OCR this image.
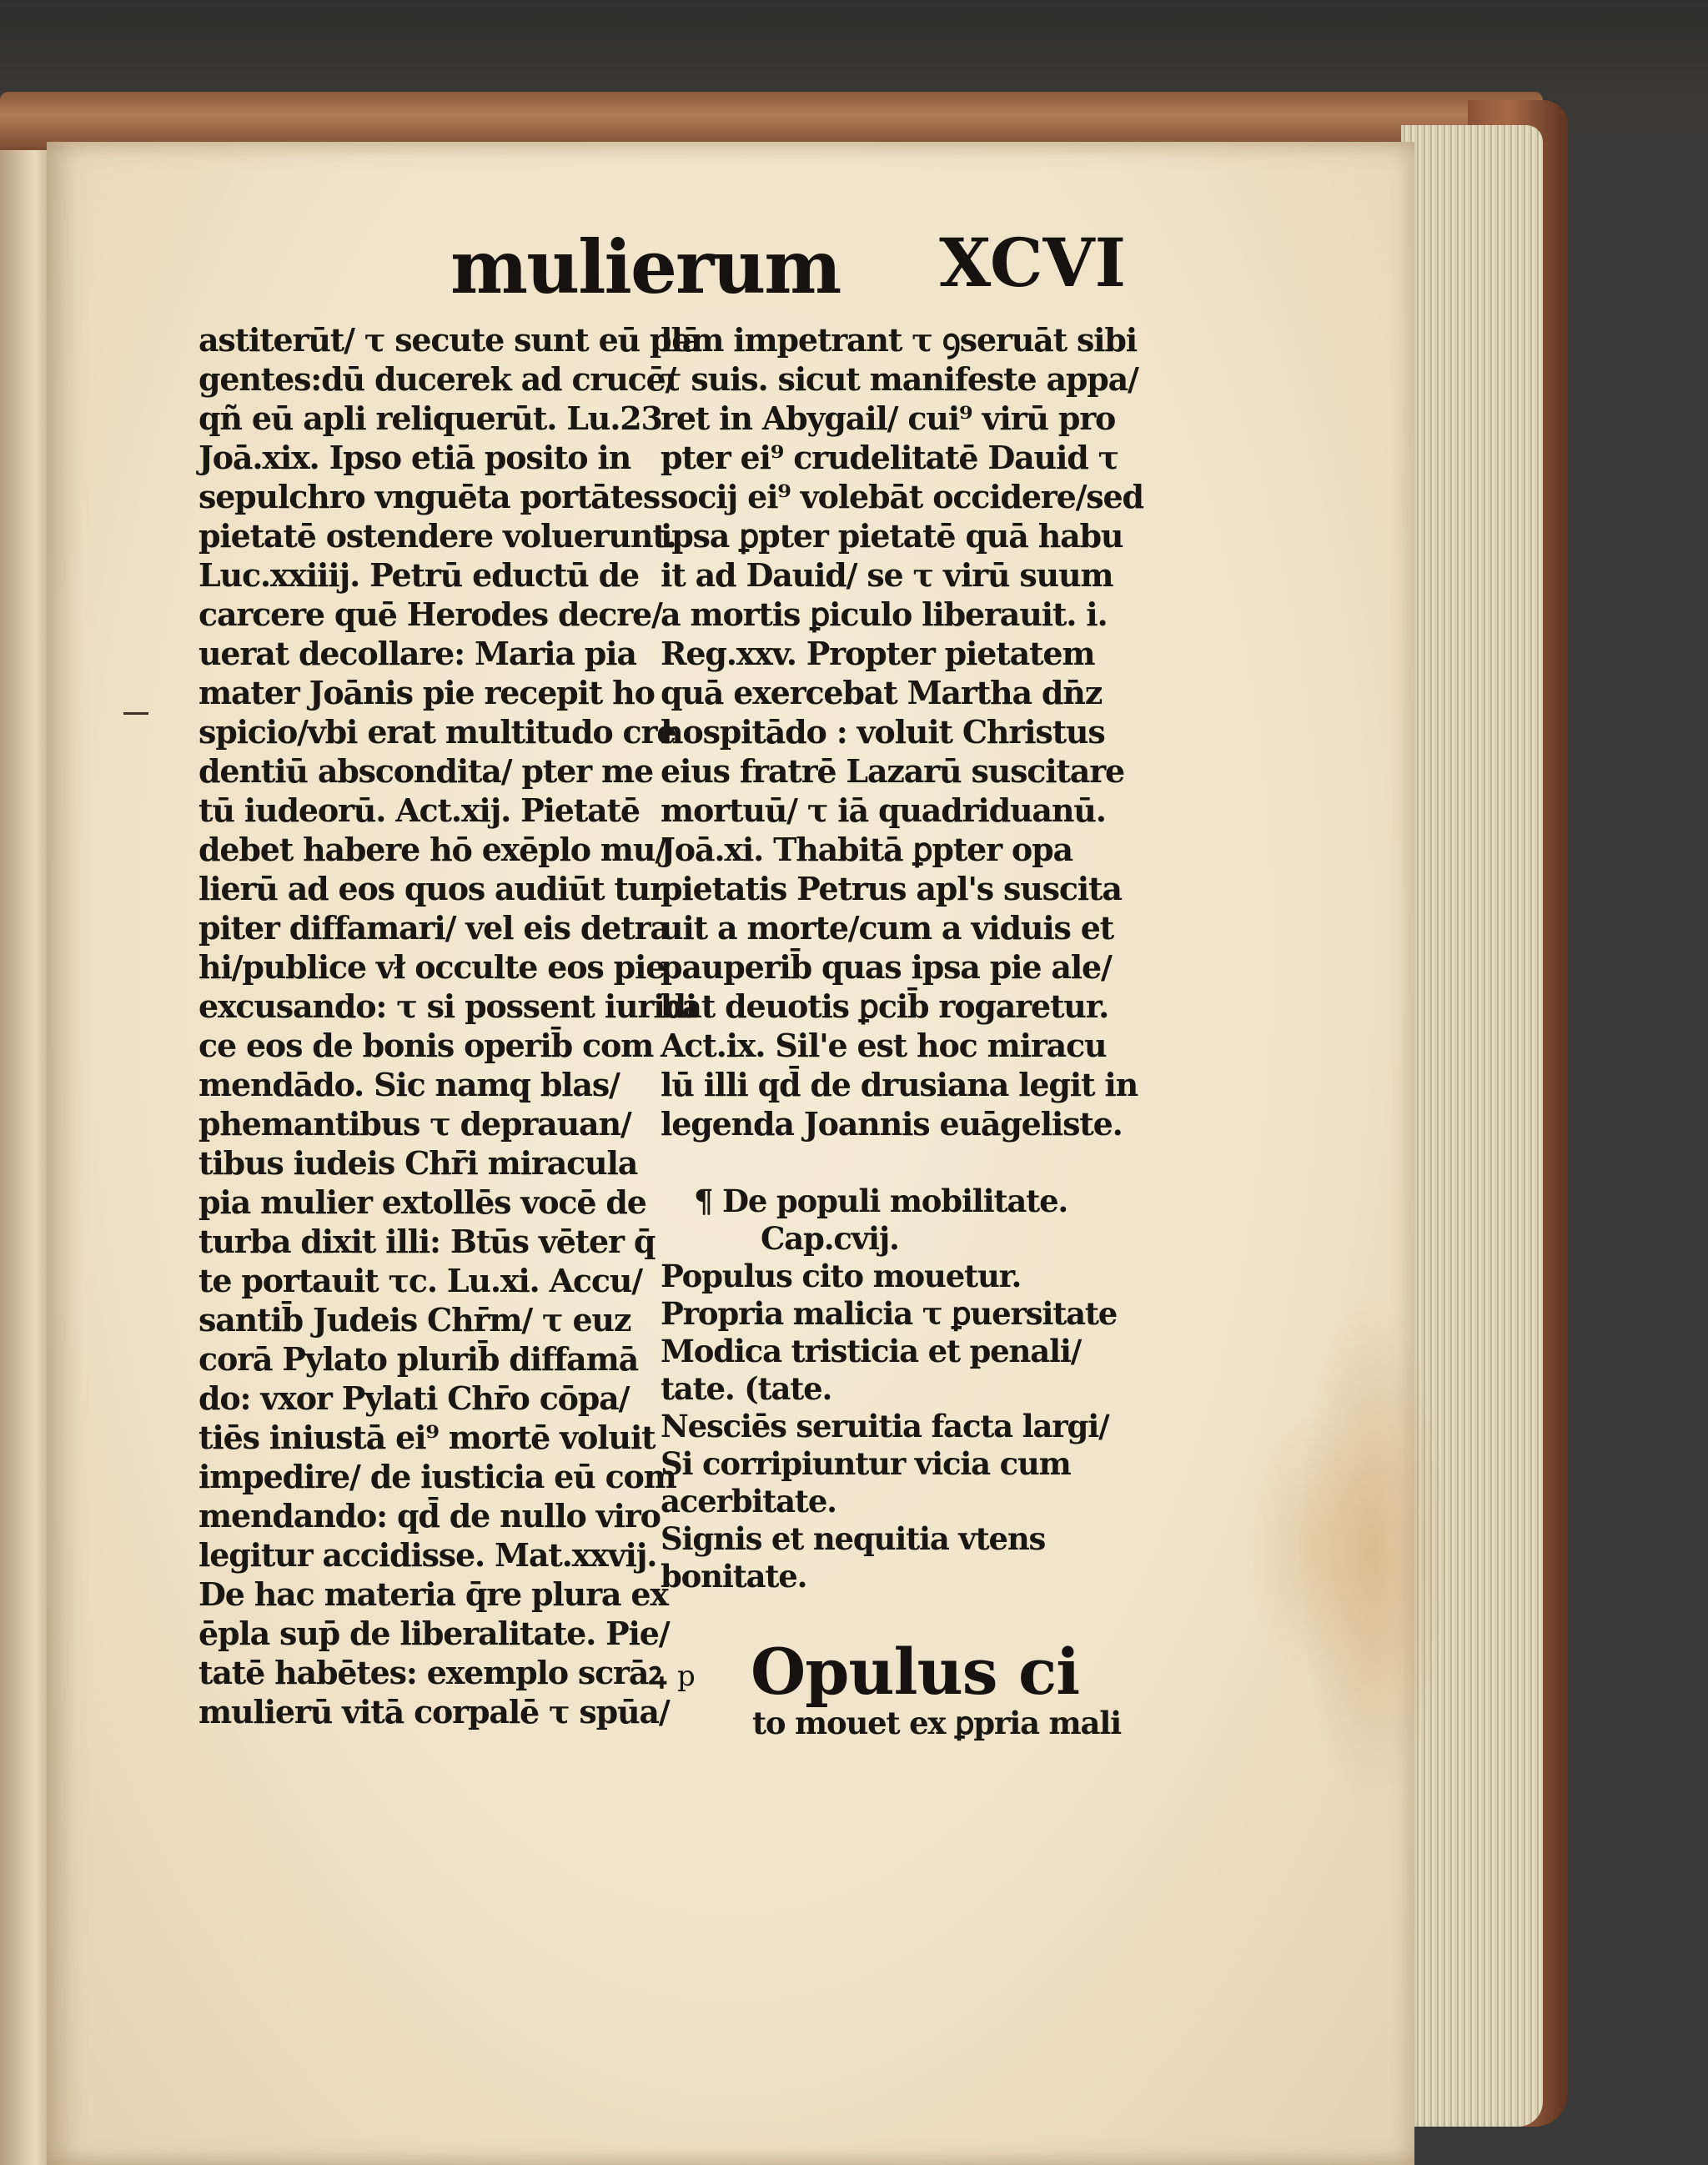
mulierum XCVI
astiterūt/ τ secute sunt eū plā
gentes:dū ducerek ad crucē/
qñ eū apli reliquerūt. Lu.23
Joā.xix. Ipso etiā posito in
sepulchro vnguēta portātes
pietatē ostendere voluerunt.
Luc.xxiiij. Petrū eductū de
carcere quē Herodes decre/
uerat decollare: Maria pia
mater Joānis pie recepit ho
spicio/vbi erat multitudo cre
dentiū abscondita/ pter me
tū iudeorū. Act.xij. Pietatē
debet habere hō exēplo mu/
lierū ad eos quos audiūt tur
piter diffamari/ vel eis detra
hi/publice vł occulte eos pie
excusando: τ si possent iuridi
ce eos de bonis operib̄ com
mendādo. Sic namq̧ blas/
phemantibus τ deprauan/
tibus iudeis Chr̄i miracula
pia mulier extollēs vocē de
turba dixit illi: Btūs vēter q̄
te portauit τc. Lu.xi. Accu/
santib̄ Judeis Chr̄m/ τ euz
corā Pylato plurib̄ diffamā
do: vxor Pylati Chr̄o cōpa/
tiēs iniustā ei⁹ mortē voluit
impedire/ de iusticia eū com
mendando: qd̄ de nullo viro
legitur accidisse. Mat.xxvij.
De hac materia q̄re plura ex
ēpla sup̄ de liberalitate. Pie/
tatē habētes: exemplo scrāꝝ
mulierū vitā corpalē τ spūa/
lem impetrant τ ꝯseruāt sibi
τ suis. sicut manifeste appa/
ret in Abygail/ cui⁹ virū pro
pter ei⁹ crudelitatē Dauid τ
socij ei⁹ volebāt occidere/sed
ipsa ꝑpter pietatē quā habu
it ad Dauid/ se τ virū suum
a mortis ꝑiculo liberauit. i.
Reg.xxv. Propter pietatem
quā exercebat Martha dn̄z
hospitādo : voluit Christus
eius fratrē Lazarū suscitare
mortuū/ τ iā quadriduanū.
Joā.xi. Thabitā ꝑpter opa
pietatis Petrus apl's suscita
uit a morte/cum a viduis et
pauperib̄ quas ipsa pie ale/
bat deuotis ꝑcib̄ rogaretur.
Act.ix. Sil'e est hoc miracu
lū illi qd̄ de drusiana legit in
legenda Joannis euāgeliste.
¶ De populi mobilitate.
Cap.cvij.
Populus cito mouetur.
Propria malicia τ ꝑuersitate
Modica tristicia et penali/
tate. (tate.
Nesciēs seruitia facta largi/
Si corripiuntur vicia cum
acerbitate.
Signis et nequitia vtens
bonitate.
p Opulus ci
to mouet ex ꝑpria mali
